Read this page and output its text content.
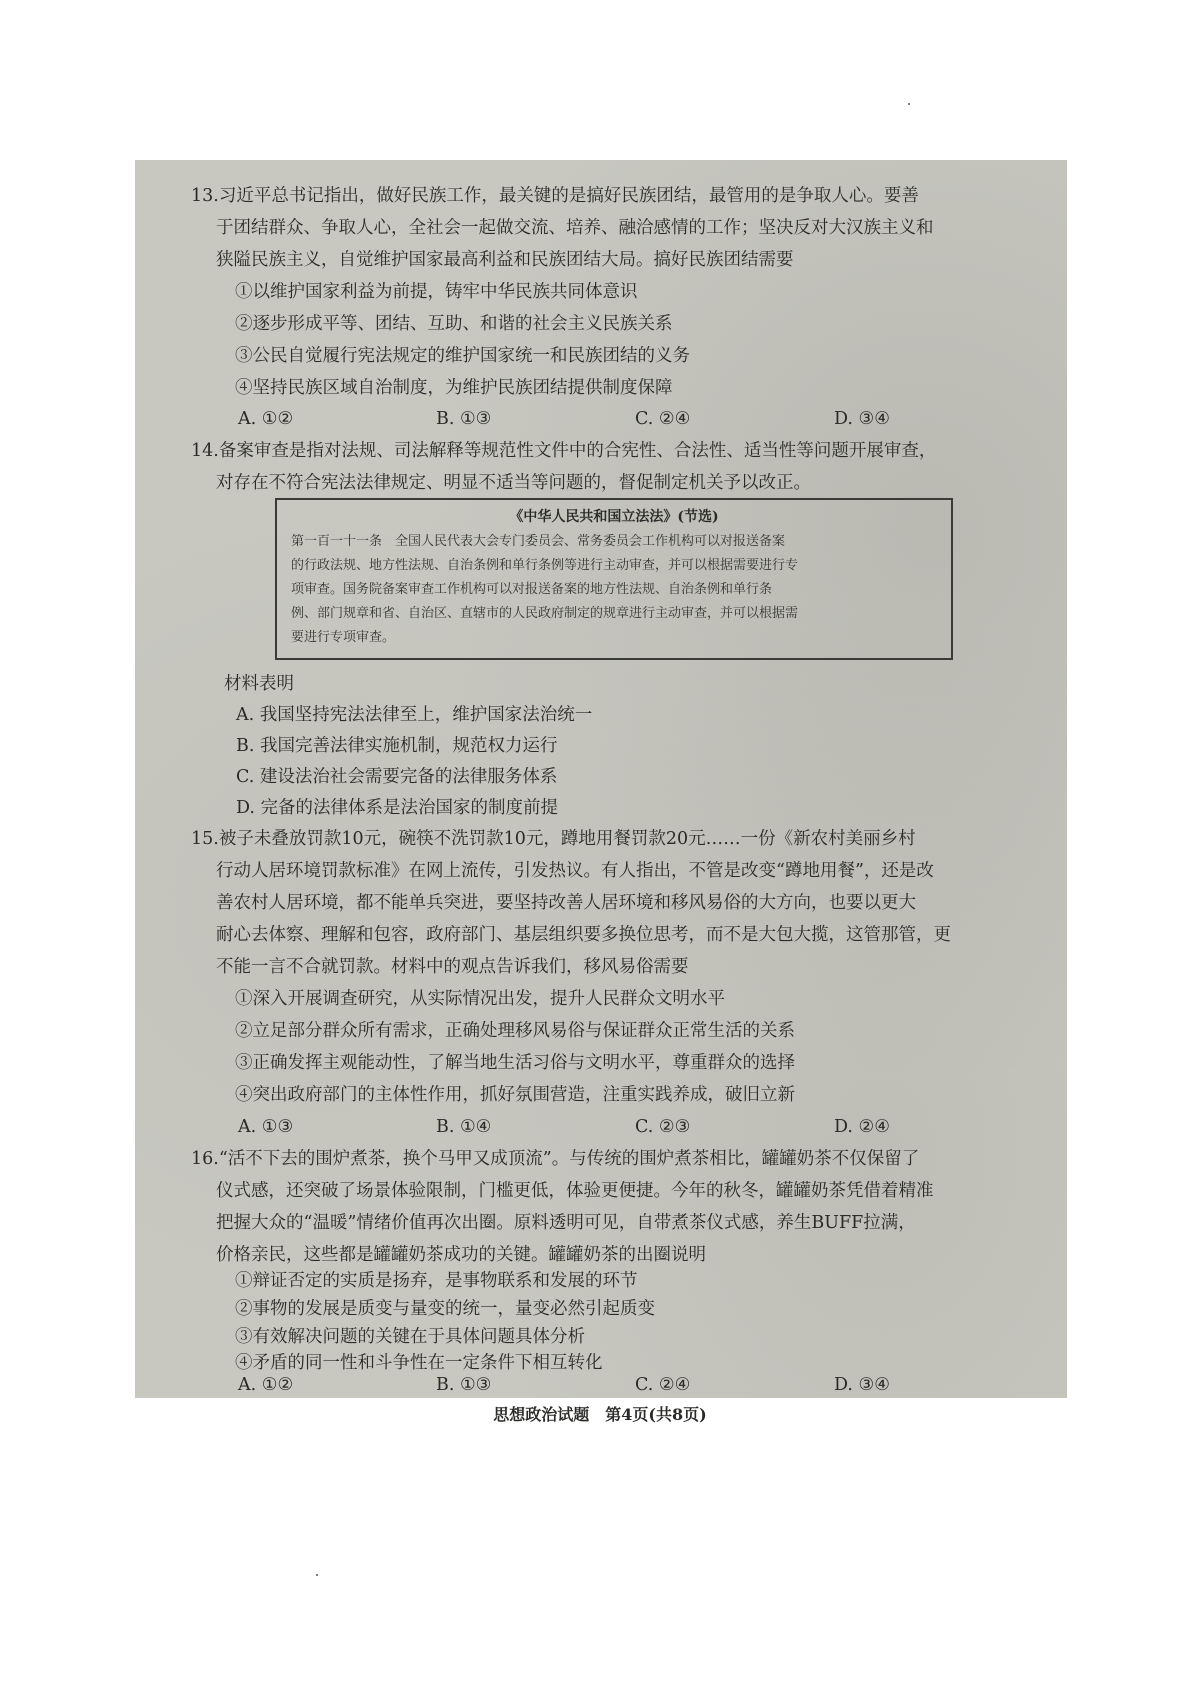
13.习近平总书记指出，做好民族工作，最关键的是搞好民族团结，最管用的是争取人心。要善
于团结群众、争取人心，全社会一起做交流、培养、融洽感情的工作；坚决反对大汉族主义和
狭隘民族主义，自觉维护国家最高利益和民族团结大局。搞好民族团结需要
①以维护国家利益为前提，铸牢中华民族共同体意识
②逐步形成平等、团结、互助、和谐的社会主义民族关系
③公民自觉履行宪法规定的维护国家统一和民族团结的义务
④坚持民族区域自治制度，为维护民族团结提供制度保障
A. ①②	B. ①③	C. ②④	D. ③④
14.备案审查是指对法规、司法解释等规范性文件中的合宪性、合法性、适当性等问题开展审查，
对存在不符合宪法法律规定、明显不适当等问题的，督促制定机关予以改正。
《中华人民共和国立法法》(节选)
第一百一十一条　全国人民代表大会专门委员会、常务委员会工作机构可以对报送备案
的行政法规、地方性法规、自治条例和单行条例等进行主动审查，并可以根据需要进行专
项审查。国务院备案审查工作机构可以对报送备案的地方性法规、自治条例和单行条
例、部门规章和省、自治区、直辖市的人民政府制定的规章进行主动审查，并可以根据需
要进行专项审查。
材料表明
A. 我国坚持宪法法律至上，维护国家法治统一
B. 我国完善法律实施机制，规范权力运行
C. 建设法治社会需要完备的法律服务体系
D. 完备的法律体系是法治国家的制度前提
15.被子未叠放罚款10元，碗筷不洗罚款10元，蹲地用餐罚款20元……一份《新农村美丽乡村
行动人居环境罚款标准》在网上流传，引发热议。有人指出，不管是改变“蹲地用餐”，还是改
善农村人居环境，都不能单兵突进，要坚持改善人居环境和移风易俗的大方向，也要以更大
耐心去体察、理解和包容，政府部门、基层组织要多换位思考，而不是大包大揽，这管那管，更
不能一言不合就罚款。材料中的观点告诉我们，移风易俗需要
①深入开展调查研究，从实际情况出发，提升人民群众文明水平
②立足部分群众所有需求，正确处理移风易俗与保证群众正常生活的关系
③正确发挥主观能动性，了解当地生活习俗与文明水平，尊重群众的选择
④突出政府部门的主体性作用，抓好氛围营造，注重实践养成，破旧立新
A. ①③	B. ①④	C. ②③	D. ②④
16.“活不下去的围炉煮茶，换个马甲又成顶流”。与传统的围炉煮茶相比，罐罐奶茶不仅保留了
仪式感，还突破了场景体验限制，门槛更低，体验更便捷。今年的秋冬，罐罐奶茶凭借着精准
把握大众的“温暖”情绪价值再次出圈。原料透明可见，自带煮茶仪式感，养生BUFF拉满，
价格亲民，这些都是罐罐奶茶成功的关键。罐罐奶茶的出圈说明
①辩证否定的实质是扬弃，是事物联系和发展的环节
②事物的发展是质变与量变的统一，量变必然引起质变
③有效解决问题的关键在于具体问题具体分析
④矛盾的同一性和斗争性在一定条件下相互转化
A. ①②	B. ①③	C. ②④	D. ③④
思想政治试题　第4页(共8页)
